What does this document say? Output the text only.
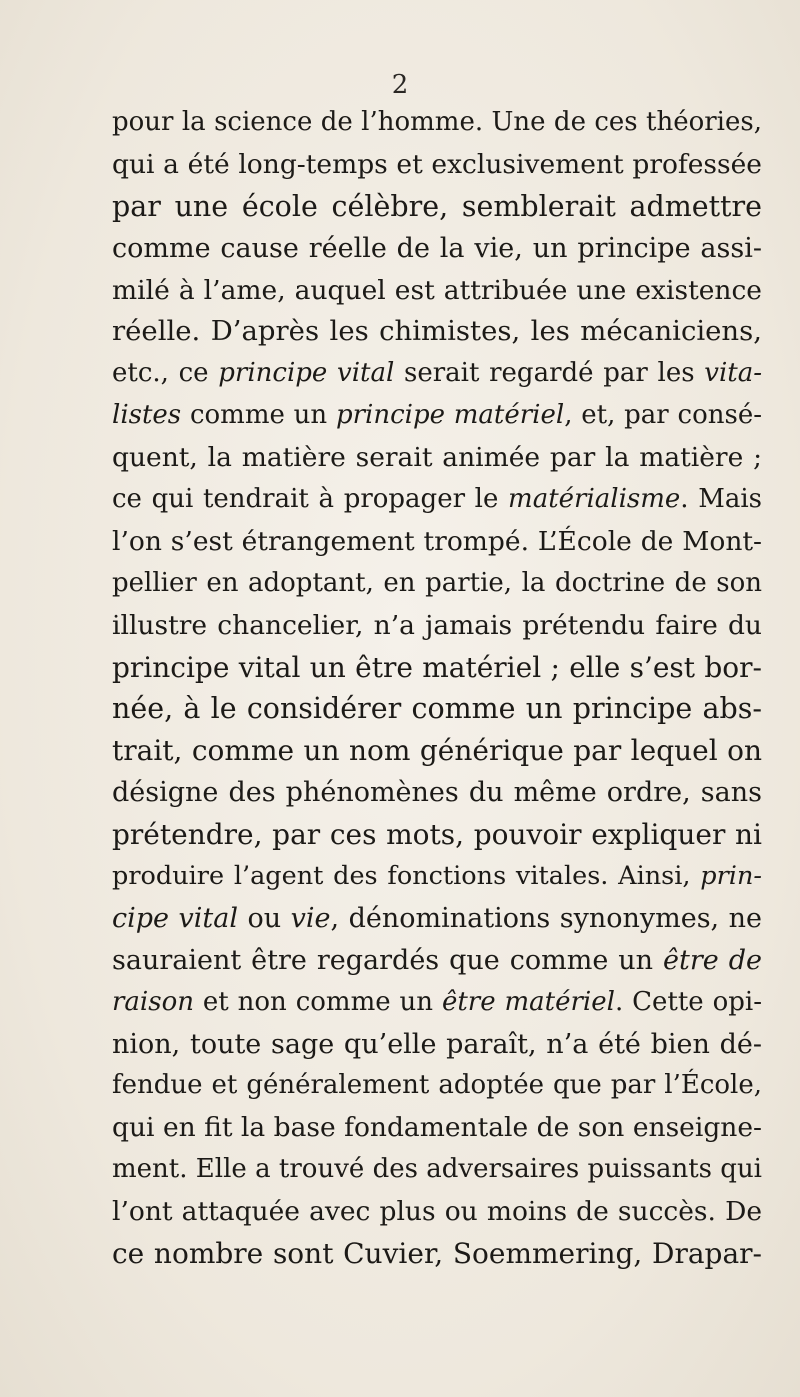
2
pour la science de l’homme. Une de ces théories,
qui a été long-temps et exclusivement professée
par une école célèbre, semblerait admettre
comme cause réelle de la vie, un principe assi-
milé à l’ame, auquel est attribuée une existence
réelle. D’après les chimistes, les mécaniciens,
etc., ce principe vital serait regardé par les vita-
listes comme un principe matériel, et, par consé-
quent, la matière serait animée par la matière ;
ce qui tendrait à propager le matérialisme. Mais
l’on s’est étrangement trompé. L’École de Mont-
pellier en adoptant, en partie, la doctrine de son
illustre chancelier, n’a jamais prétendu faire du
principe vital un être matériel ; elle s’est bor-
née, à le considérer comme un principe abs-
trait, comme un nom générique par lequel on
désigne des phénomènes du même ordre, sans
prétendre, par ces mots, pouvoir expliquer ni
produire l’agent des fonctions vitales. Ainsi, prin-
cipe vital ou vie, dénominations synonymes, ne
sauraient être regardés que comme un être de
raison et non comme un être matériel. Cette opi-
nion, toute sage qu’elle paraît, n’a été bien dé-
fendue et généralement adoptée que par l’École,
qui en fit la base fondamentale de son enseigne-
ment. Elle a trouvé des adversaires puissants qui
l’ont attaquée avec plus ou moins de succès. De
ce nombre sont Cuvier, Soemmering, Drapar-
